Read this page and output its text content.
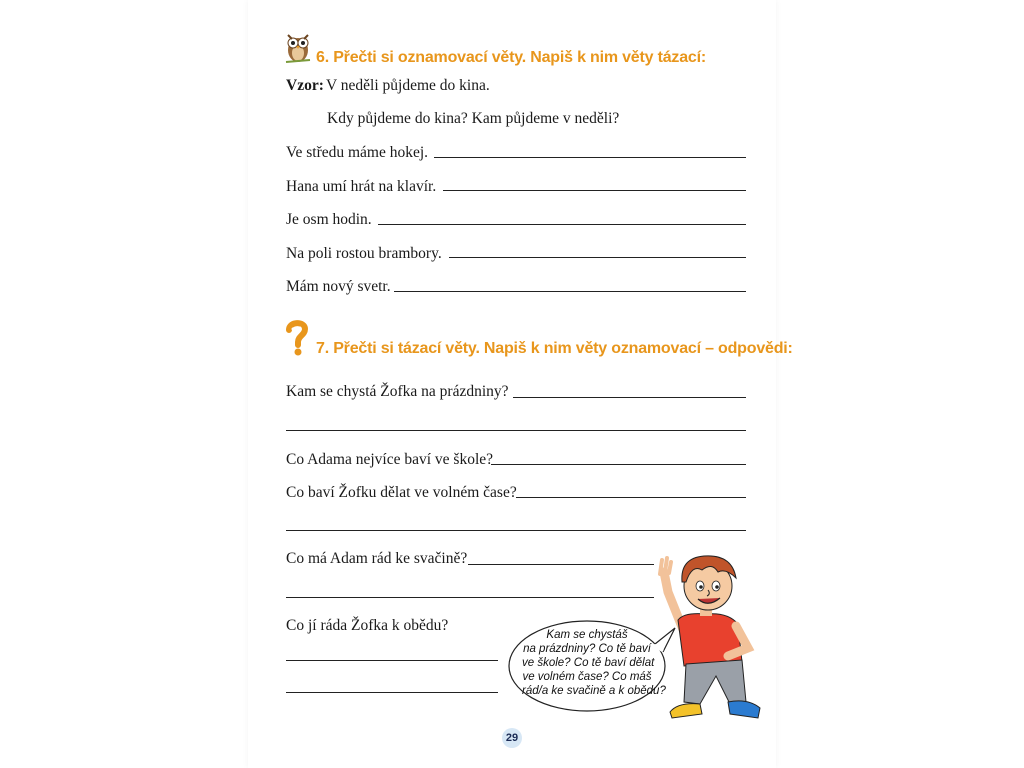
6. Přečti si oznamovací věty. Napiš k nim věty tázací:
Vzor: V neděli půjdeme do kina.
Kdy půjdeme do kina? Kam půjdeme v neděli?
Ve středu máme hokej.
Hana umí hrát na klavír.
Je osm hodin.
Na poli rostou brambory.
Mám nový svetr.
7. Přečti si tázací věty. Napiš k nim věty oznamovací – odpovědi:
Kam se chystá Žofka na prázdniny?
Co Adama nejvíce baví ve škole?
Co baví Žofku dělat ve volném čase?
Co má Adam rád ke svačině?
Co jí ráda Žofka k obědu?
Kam se chystáš
na prázdniny? Co tě baví
ve škole? Co tě baví dělat
ve volném čase? Co máš
rád/a ke svačině a k obědu?
29
